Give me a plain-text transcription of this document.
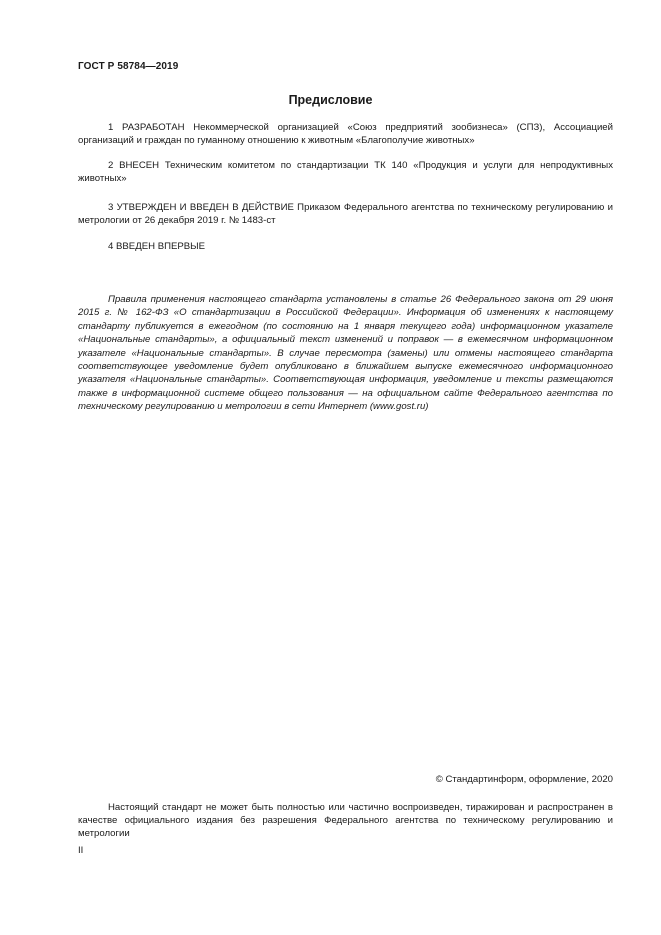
ГОСТ Р 58784—2019
Предисловие

1 РАЗРАБОТАН Некоммерческой организацией «Союз предприятий зообизнеса» (СПЗ), Ассоциацией организаций и граждан по гуманному отношению к животным «Благополучие животных»

2 ВНЕСЕН Техническим комитетом по стандартизации ТК 140 «Продукция и услуги для непродуктивных животных»

3 УТВЕРЖДЕН И ВВЕДЕН В ДЕЙСТВИЕ Приказом Федерального агентства по техническому регулированию и метрологии от 26 декабря 2019 г. № 1483-ст

4 ВВЕДЕН ВПЕРВЫЕ

Правила применения настоящего стандарта установлены в статье 26 Федерального закона от 29 июня 2015 г. № 162-ФЗ «О стандартизации в Российской Федерации». Информация об изменениях к настоящему стандарту публикуется в ежегодном (по состоянию на 1 января текущего года) информационном указателе «Национальные стандарты», а официальный текст изменений и поправок — в ежемесячном информационном указателе «Национальные стандарты». В случае пересмотра (замены) или отмены настоящего стандарта соответствующее уведомление будет опубликовано в ближайшем выпуске ежемесячного информационного указателя «Национальные стандарты». Соответствующая информация, уведомление и тексты размещаются также в информационной системе общего пользования — на официальном сайте Федерального агентства по техническому регулированию и метрологии в сети Интернет (www.gost.ru)

© Стандартинформ, оформление, 2020

Настоящий стандарт не может быть полностью или частично воспроизведен, тиражирован и распространен в качестве официального издания без разрешения Федерального агентства по техническому регулированию и метрологии

II
